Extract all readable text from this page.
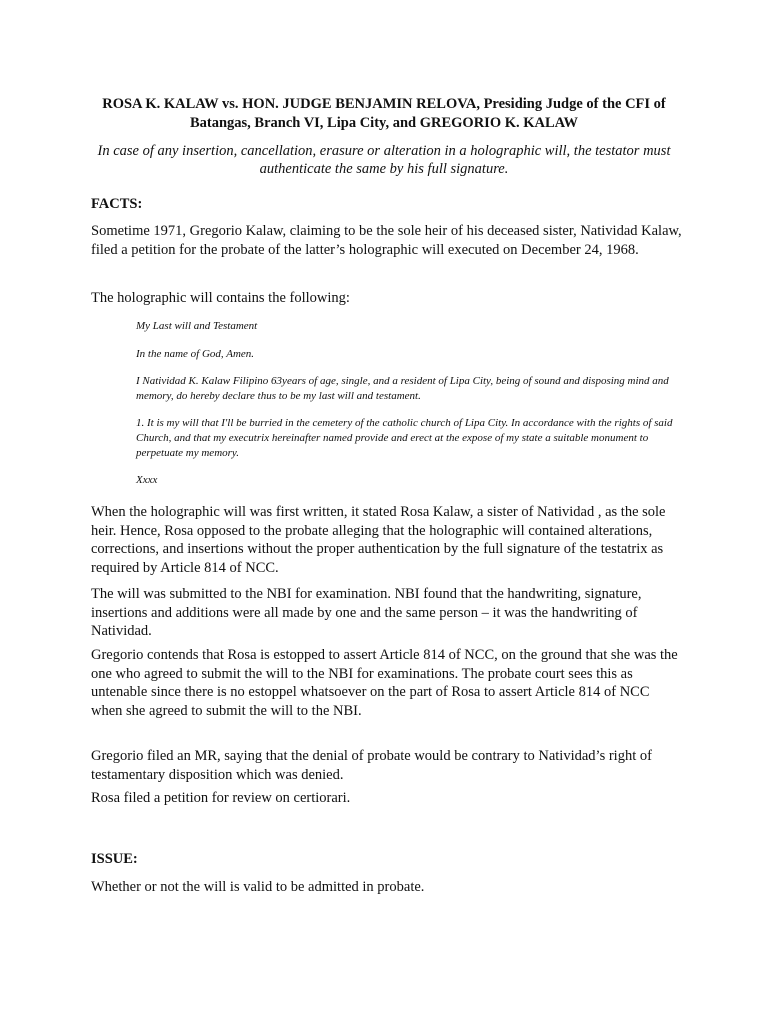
ROSA K. KALAW vs. HON. JUDGE BENJAMIN RELOVA, Presiding Judge of the CFI of Batangas, Branch VI, Lipa City, and GREGORIO K. KALAW

In case of any insertion, cancellation, erasure or alteration in a holographic will, the testator must authenticate the same by his full signature.

FACTS:

Sometime 1971, Gregorio Kalaw, claiming to be the sole heir of his deceased sister, Natividad Kalaw, filed a petition for the probate of the latter’s holographic will executed on December 24, 1968.

The holographic will contains the following:

My Last will and Testament

In the name of God, Amen.

I Natividad K. Kalaw Filipino 63years of age, single, and a resident of Lipa City, being of sound and disposing mind and memory, do hereby declare thus to be my last will and testament.

1. It is my will that I'll be burried in the cemetery of the catholic church of Lipa City. In accordance with the rights of said Church, and that my executrix hereinafter named provide and erect at the expose of my state a suitable monument to perpetuate my memory.

Xxxx

When the holographic will was first written, it stated Rosa Kalaw, a sister of Natividad , as the sole heir. Hence, Rosa opposed to the probate alleging that the holographic will contained alterations, corrections, and insertions without the proper authentication by the full signature of the testatrix as required by Article 814 of NCC.

The will was submitted to the NBI for examination. NBI found that the handwriting, signature, insertions and additions were all made by one and the same person – it was the handwriting of Natividad.

Gregorio contends that Rosa is estopped to assert Article 814 of NCC, on the ground that she was the one who agreed to submit the will to the NBI for examinations. The probate court sees this as untenable since there is no estoppel whatsoever on the part of Rosa to assert Article 814 of NCC when she agreed to submit the will to the NBI.

Gregorio filed an MR, saying that the denial of probate would be contrary to Natividad’s right of testamentary disposition which was denied.

Rosa filed a petition for review on certiorari.

ISSUE:

Whether or not the will is valid to be admitted in probate.
